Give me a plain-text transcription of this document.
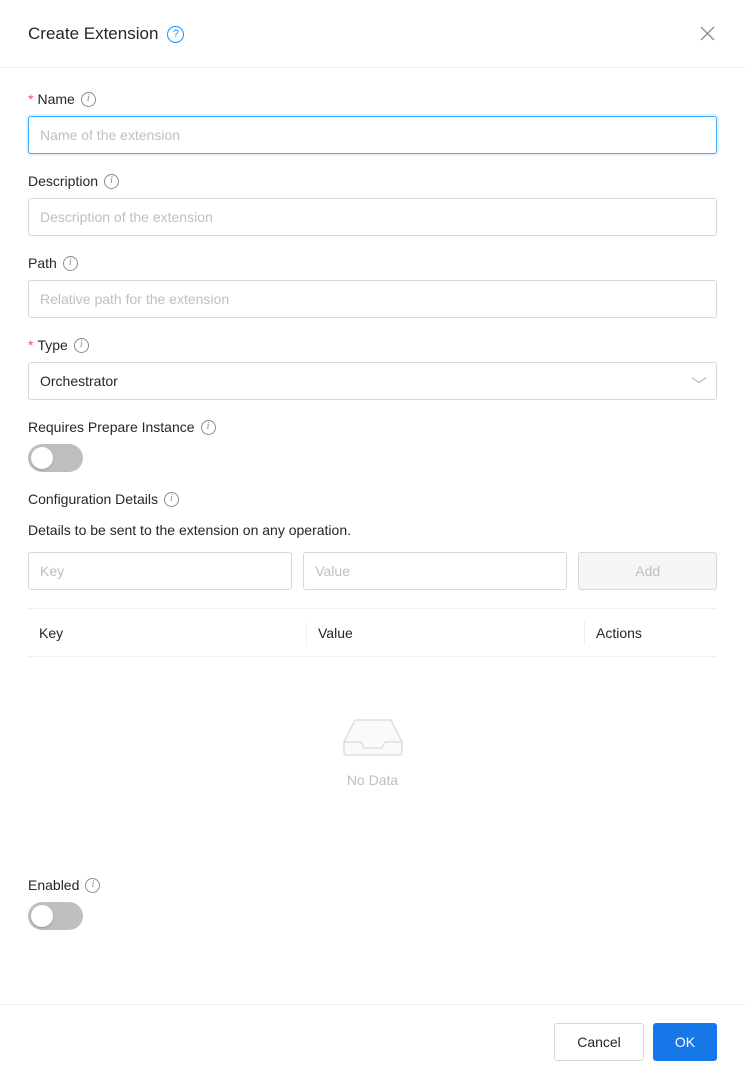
Create Extension	?
* Name	i
Name of the extension
Description	i
Description of the extension
Path	i
Relative path for the extension
* Type	i
Orchestrator
Requires Prepare Instance	i
Configuration Details	i
Details to be sent to the extension on any operation.
Key
Value
Add
Key	Value	Actions
No Data
Enabled	i
Cancel	OK
